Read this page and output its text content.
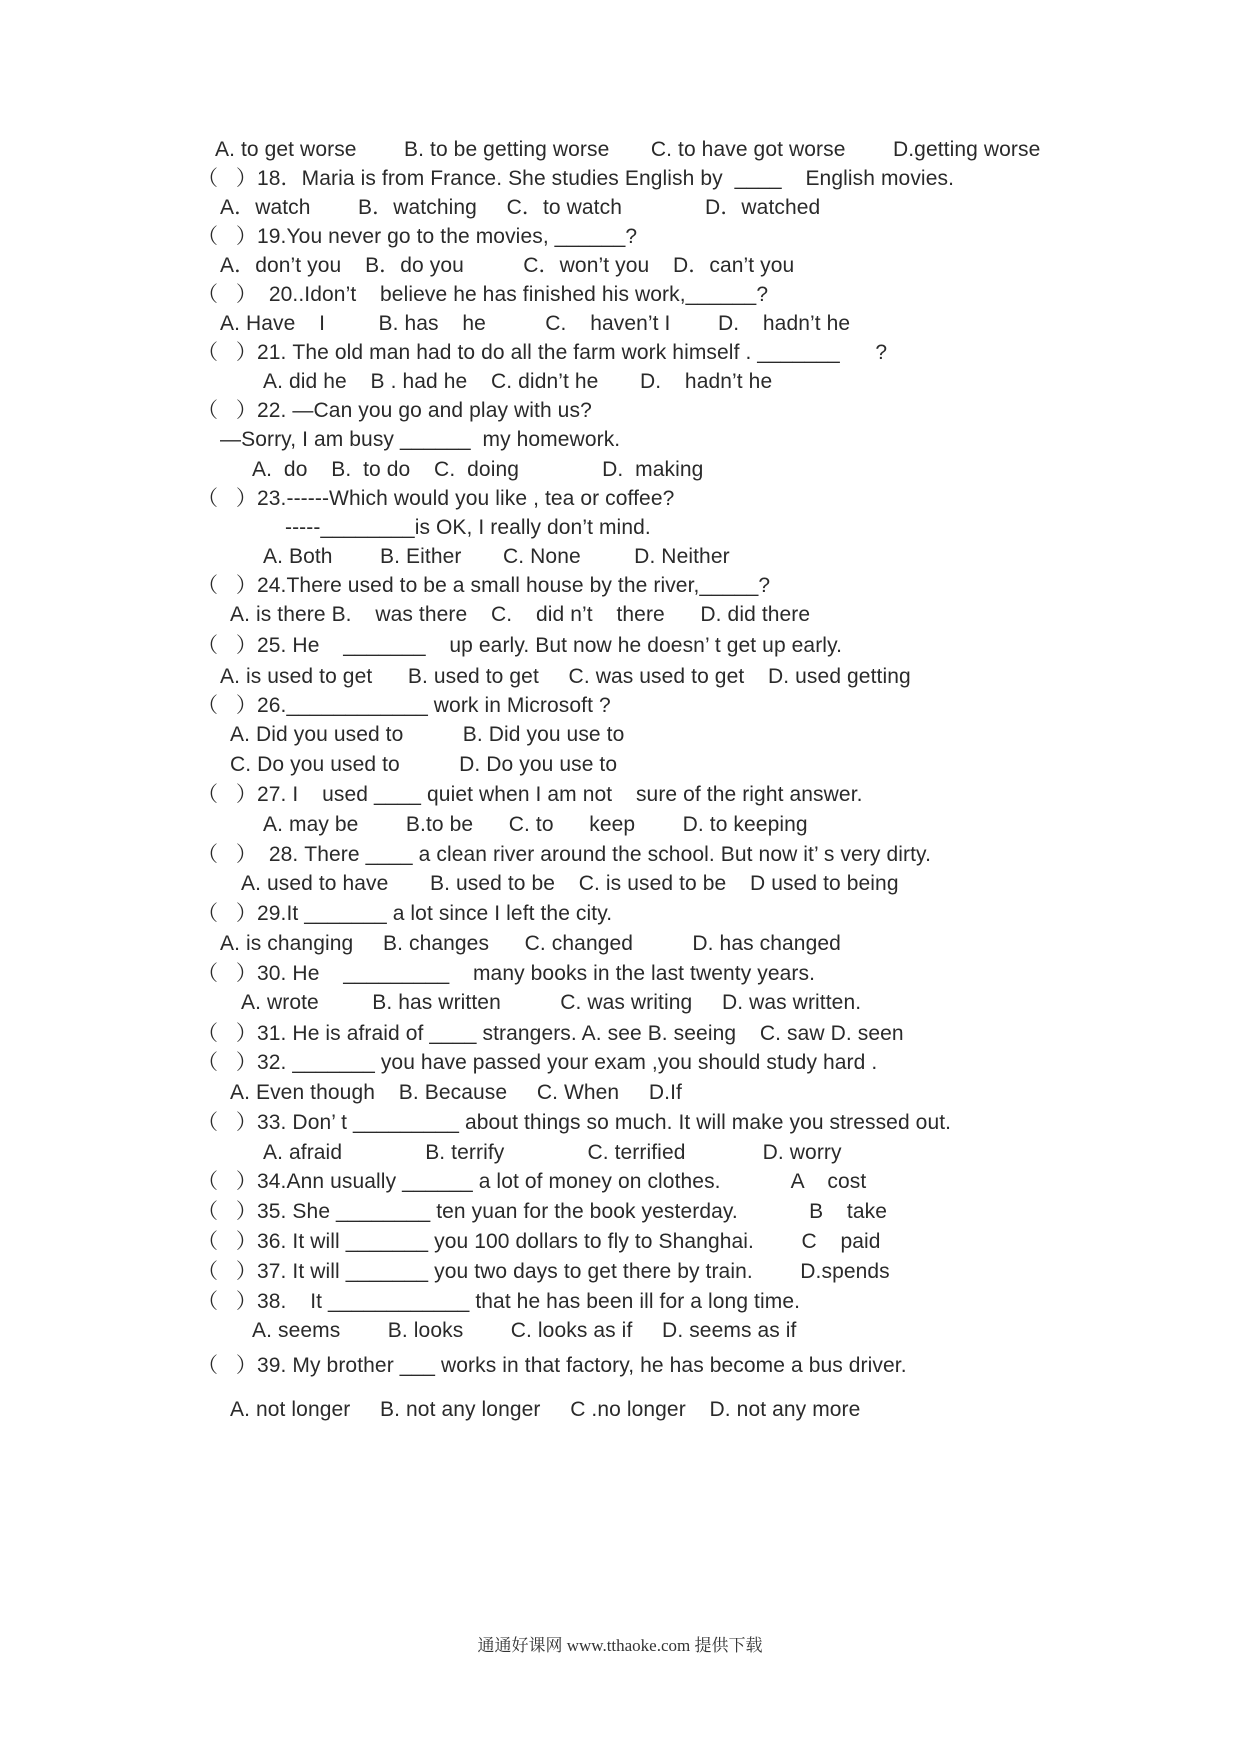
A. to get worse        B. to be getting worse       C. to have got worse        D.getting worse
（   ）18．Maria is from France. She studies English by  ____    English movies.
A．watch        B．watching     C．to watch              D．watched
（   ）19.You never go to the movies, ______?
A．don’t you    B．do you          C．won’t you    D．can’t you
（   ）  20..Idon’t    believe he has finished his work,______?
A. Have    I         B. has    he          C.    haven’t I        D.    hadn’t he
（   ）21. The old man had to do all the farm work himself . _______      ?
A. did he    B . had he    C. didn’t he       D.    hadn’t he
（   ）22. —Can you go and play with us?
—Sorry, I am busy ______  my homework.
A.  do    B.  to do    C.  doing              D.  making
（   ）23.------Which would you like , tea or coffee?
-----________is OK, I really don’t mind.
A. Both        B. Either       C. None         D. Neither
（   ）24.There used to be a small house by the river,_____?
A. is there B.    was there    C.    did n’t    there      D. did there
（   ）25. He    _______    up early. But now he doesn’ t get up early.
A. is used to get      B. used to get     C. was used to get    D. used getting
（   ）26.____________ work in Microsoft ?
A. Did you used to          B. Did you use to
C. Do you used to          D. Do you use to
（   ）27. I    used ____ quiet when I am not    sure of the right answer.
A. may be        B.to be      C. to      keep        D. to keeping
（   ）  28. There ____ a clean river around the school. But now it’ s very dirty.
A. used to have       B. used to be    C. is used to be    D used to being
（   ）29.It _______ a lot since I left the city.
A. is changing     B. changes      C. changed          D. has changed
（   ）30. He    _________    many books in the last twenty years.
A. wrote         B. has written          C. was writing     D. was written.
（   ）31. He is afraid of ____ strangers. A. see B. seeing    C. saw D. seen
（   ）32. _______ you have passed your exam ,you should study hard .
A. Even though    B. Because     C. When     D.If
（   ）33. Don’ t _________ about things so much. It will make you stressed out.
A. afraid              B. terrify              C. terrified             D. worry
（   ）34.Ann usually ______ a lot of money on clothes.            A    cost
（   ）35. She ________ ten yuan for the book yesterday.            B    take
（   ）36. It will _______ you 100 dollars to fly to Shanghai.        C    paid
（   ）37. It will _______ you two days to get there by train.        D.spends
（   ）38.    It ____________ that he has been ill for a long time.
A. seems        B. looks        C. looks as if     D. seems as if
（   ）39. My brother ___ works in that factory, he has become a bus driver.
A. not longer     B. not any longer     C .no longer    D. not any more
通通好课网 www.tthaoke.com 提供下载
